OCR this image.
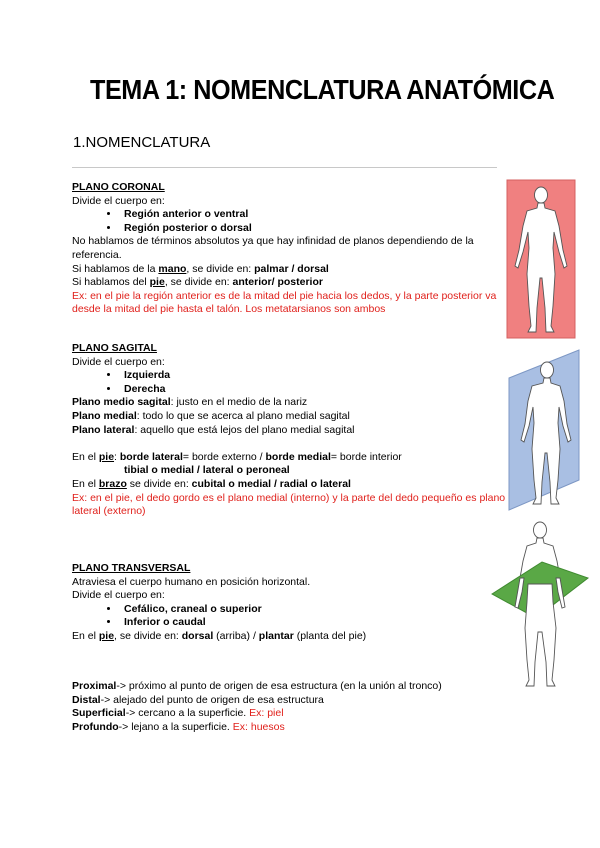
TEMA 1: NOMENCLATURA ANATÓMICA
1.NOMENCLATURA

PLANO CORONAL

Divide el cuerpo en:

• Región anterior o ventral
• Región posterior o dorsal

No hablamos de términos absolutos ya que hay infinidad de planos dependiendo de la referencia.

Si hablamos de la mano, se divide en: palmar / dorsal

Si hablamos del pie, se divide en: anterior/ posterior

Ex: en el pie la región anterior es de la mitad del pie hacia los dedos, y la parte posterior va desde la mitad del pie hasta el talón. Los metatarsianos son ambos

PLANO SAGITAL

Divide el cuerpo en:

• Izquierda
• Derecha

Plano medio sagital: justo en el medio de la nariz

Plano medial: todo lo que se acerca al plano medial sagital

Plano lateral: aquello que está lejos del plano medial sagital

En el pie: borde lateral= borde externo / borde medial= borde interior

tibial o medial / lateral o peroneal

En el brazo se divide en: cubital o medial / radial o lateral

Ex: en el pie, el dedo gordo es el plano medial (interno) y la parte del dedo pequeño es plano lateral (externo)

PLANO TRANSVERSAL

Atraviesa el cuerpo humano en posición horizontal.

Divide el cuerpo en:

• Cefálico, craneal o superior
• Inferior o caudal

En el pie, se divide en: dorsal (arriba) / plantar (planta del pie)

Proximal-> próximo al punto de origen de esa estructura (en la unión al tronco)

Distal-> alejado del punto de origen de esa estructura

Superficial-> cercano a la superficie. Ex: piel

Profundo-> lejano a la superficie. Ex: huesos
